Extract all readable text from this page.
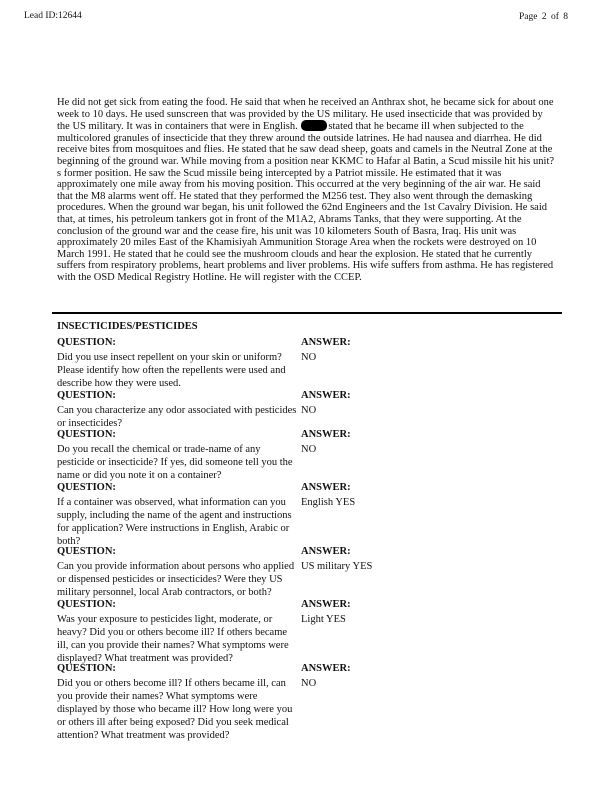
Lead ID:12644	Page 2 of 8

He did not get sick from eating the food. He said that when he received an Anthrax shot, he became sick for about one week to 10 days. He used sunscreen that was provided by the US military. He used insecticide that was provided by the US military. It was in containers that were in English.	stated that he became ill when subjected to the multicolored granules of insecticide that they threw around the outside latrines. He had nausea and diarrhea. He did receive bites from mosquitoes and flies. He stated that he saw dead sheep, goats and camels in the Neutral Zone at the beginning of the ground war. While moving from a position near KKMC to Hafar al Batin, a Scud missile hit his unit?s former position. He saw the Scud missile being intercepted by a Patriot missile. He estimated that it was approximately one mile away from his moving position. This occurred at the very beginning of the air war. He said that the M8 alarms went off. He stated that they performed the M256 test. They also went through the demasking procedures. When the ground war began, his unit followed the 62nd Engineers and the 1st Cavalry Division. He said that, at times, his petroleum tankers got in front of the M1A2, Abrams Tanks, that they were supporting. At the conclusion of the ground war and the cease fire, his unit was 10 kilometers South of Basra, Iraq. His unit was approximately 20 miles East of the Khamisiyah Ammunition Storage Area when the rockets were destroyed on 10 March 1991. He stated that he could see the mushroom clouds and hear the explosion. He stated that he currently suffers from respiratory problems, heart problems and liver problems. His wife suffers from asthma. He has registered with the OSD Medical Registry Hotline. He will register with the CCEP.

INSECTICIDES/PESTICIDES
QUESTION:
Did you use insect repellent on your skin or uniform? Please identify how often the repellents were used and describe how they were used.
ANSWER:
NO
QUESTION:
Can you characterize any odor associated with pesticides or insecticides?
ANSWER:
NO
QUESTION:
Do you recall the chemical or trade-name of any pesticide or insecticide? If yes, did someone tell you the name or did you note it on a container?
ANSWER:
NO
QUESTION:
If a container was observed, what information can you supply, including the name of the agent and instructions for application? Were instructions in English, Arabic or both?
ANSWER:
English YES
QUESTION:
Can you provide information about persons who applied or dispensed pesticides or insecticides? Were they US military personnel, local Arab contractors, or both?
ANSWER:
US military YES
QUESTION:
Was your exposure to pesticides light, moderate, or heavy? Did you or others become ill? If others became ill, can you provide their names? What symptoms were displayed? What treatment was provided?
ANSWER:
Light YES
QUESTION:
Did you or others become ill? If others became ill, can you provide their names? What symptoms were displayed by those who became ill? How long were you or others ill after being exposed? Did you seek medical attention? What treatment was provided?
ANSWER:
NO
